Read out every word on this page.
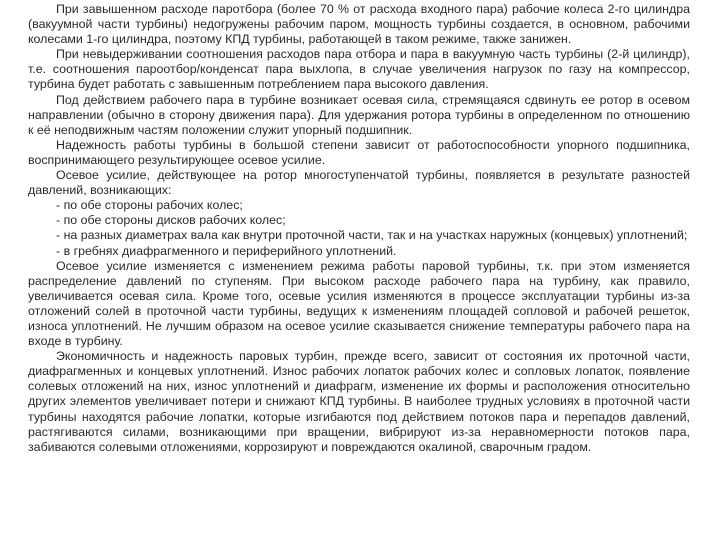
При завышенном расходе паротбора (более 70 % от расхода входного пара) рабочие колеса 2-го цилиндра (вакуумной части турбины) недогружены рабочим паром, мощность турбины создается, в основном, рабочими колесами 1-го цилиндра, поэтому КПД турбины, работающей в таком режиме, также занижен.

При невыдерживании соотношения расходов пара отбора и пара в вакуумную часть турбины (2-й цилиндр), т.е. соотношения пароотбор/конденсат пара выхлопа, в случае увеличения нагрузок по газу на компрессор, турбина будет работать с завышенным потреблением пара высокого давления.

Под действием рабочего пара в турбине возникает осевая сила, стремящаяся сдвинуть ее ротор в осевом направлении (обычно в сторону движения пара). Для удержания ротора турбины в определенном по отношению к её неподвижным частям положении служит упорный подшипник.

Надежность работы турбины в большой степени зависит от работоспособности упорного подшипника, воспринимающего результирующее осевое усилие.

Осевое усилие, действующее на ротор многоступенчатой турбины, появляется в результате разностей давлений, возникающих:

- по обе стороны рабочих колес;

- по обе стороны дисков рабочих колес;

- на разных диаметрах вала как внутри проточной части, так и на участках наружных (концевых) уплотнений;

- в гребнях диафрагменного и периферийного уплотнений.

Осевое усилие изменяется с изменением режима работы паровой турбины, т.к. при этом изменяется распределение давлений по ступеням. При высоком расходе рабочего пара на турбину, как правило, увеличивается осевая сила. Кроме того, осевые усилия изменяются в процессе эксплуатации турбины из-за отложений солей в проточной части турбины, ведущих к изменениям площадей сопловой и рабочей решеток, износа уплотнений. Не лучшим образом на осевое усилие сказывается снижение температуры рабочего пара на входе в турбину.

Экономичность и надежность паровых турбин, прежде всего, зависит от состояния их проточной части, диафрагменных и концевых уплотнений. Износ рабочих лопаток рабочих колес и сопловых лопаток, появление солевых отложений на них, износ уплотнений и диафрагм, изменение их формы и расположения относительно других элементов увеличивает потери и снижают КПД турбины. В наиболее трудных условиях в проточной части турбины находятся рабочие лопатки, которые изгибаются под действием потоков пара и перепадов давлений, растягиваются силами, возникающими при вращении, вибрируют из-за неравномерности потоков пара, забиваются солевыми отложениями, коррозируют и повреждаются окалиной, сварочным градом.
